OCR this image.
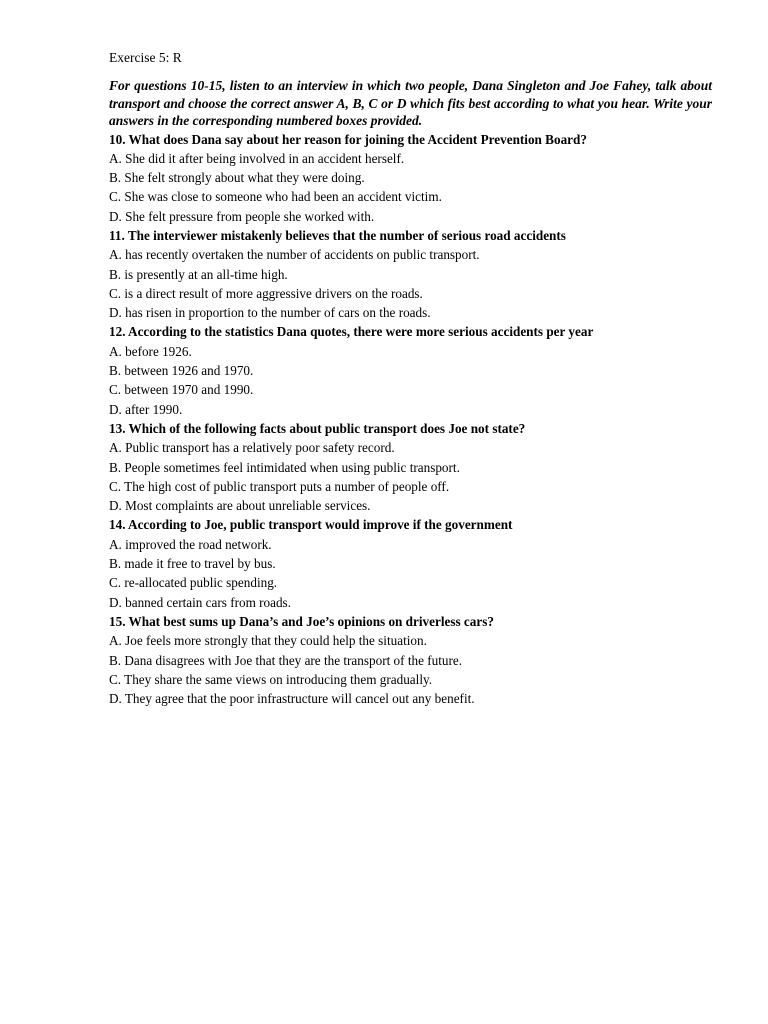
Exercise 5: R

For questions 10-15, listen to an interview in which two people, Dana Singleton and Joe Fahey, talk about transport and choose the correct answer A, B, C or D which fits best according to what you hear. Write your answers in the corresponding numbered boxes provided.

10. What does Dana say about her reason for joining the Accident Prevention Board?

A. She did it after being involved in an accident herself.

B. She felt strongly about what they were doing.

C. She was close to someone who had been an accident victim.

D. She felt pressure from people she worked with.

11. The interviewer mistakenly believes that the number of serious road accidents

A. has recently overtaken the number of accidents on public transport.

B. is presently at an all-time high.

C. is a direct result of more aggressive drivers on the roads.

D. has risen in proportion to the number of cars on the roads.

12. According to the statistics Dana quotes, there were more serious accidents per year

A. before 1926.

B. between 1926 and 1970.

C. between 1970 and 1990.

D. after 1990.

13. Which of the following facts about public transport does Joe not state?

A. Public transport has a relatively poor safety record.

B. People sometimes feel intimidated when using public transport.

C. The high cost of public transport puts a number of people off.

D. Most complaints are about unreliable services.

14. According to Joe, public transport would improve if the government

A. improved the road network.

B. made it free to travel by bus.

C. re-allocated public spending.

D. banned certain cars from roads.

15. What best sums up Dana’s and Joe’s opinions on driverless cars?

A. Joe feels more strongly that they could help the situation.

B. Dana disagrees with Joe that they are the transport of the future.

C. They share the same views on introducing them gradually.

D. They agree that the poor infrastructure will cancel out any benefit.
